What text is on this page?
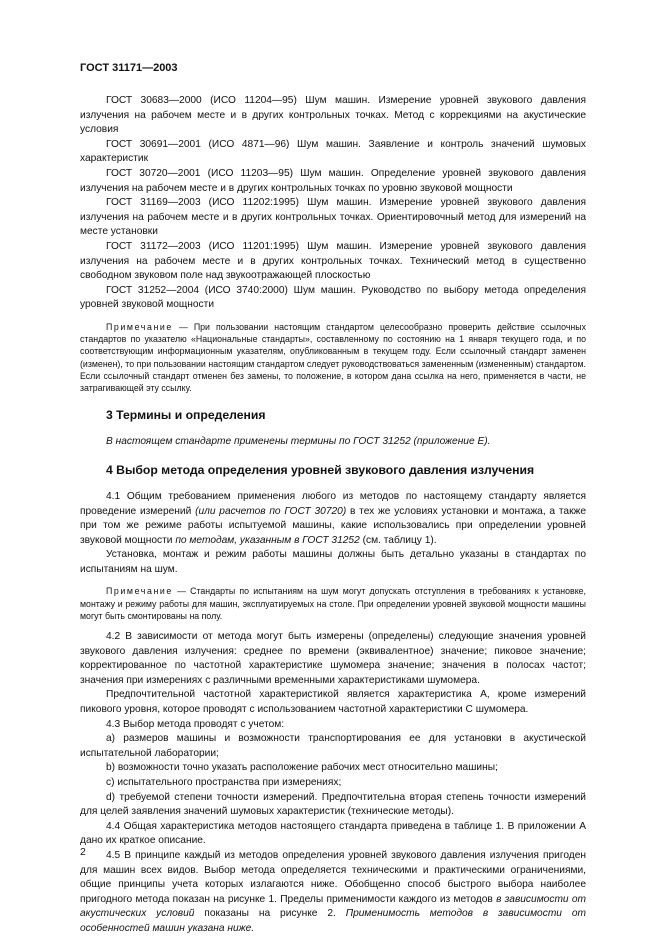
ГОСТ 31171—2003

ГОСТ 30683—2000 (ИСО 11204—95) Шум машин. Измерение уровней звукового давления излучения на рабочем месте и в других контрольных точках. Метод с коррекциями на акустические условия

ГОСТ 30691—2001 (ИСО 4871—96) Шум машин. Заявление и контроль значений шумовых характеристик

ГОСТ 30720—2001 (ИСО 11203—95) Шум машин. Определение уровней звукового давления излучения на рабочем месте и в других контрольных точках по уровню звуковой мощности

ГОСТ 31169—2003 (ИСО 11202:1995) Шум машин. Измерение уровней звукового давления излучения на рабочем месте и в других контрольных точках. Ориентировочный метод для измерений на месте установки

ГОСТ 31172—2003 (ИСО 11201:1995) Шум машин. Измерение уровней звукового давления излучения на рабочем месте и в других контрольных точках. Технический метод в существенно свободном звуковом поле над звукоотражающей плоскостью

ГОСТ 31252—2004 (ИСО 3740:2000) Шум машин. Руководство по выбору метода определения уровней звуковой мощности

Примечание — При пользовании настоящим стандартом целесообразно проверить действие ссылочных стандартов по указателю «Национальные стандарты», составленному по состоянию на 1 января текущего года, и по соответствующим информационным указателям, опубликованным в текущем году. Если ссылочный стандарт заменен (изменен), то при пользовании настоящим стандартом следует руководствоваться замененным (измененным) стандартом. Если ссылочный стандарт отменен без замены, то положение, в котором дана ссылка на него, применяется в части, не затрагивающей эту ссылку.

3 Термины и определения

В настоящем стандарте применены термины по ГОСТ 31252 (приложение Е).

4 Выбор метода определения уровней звукового давления излучения

4.1 Общим требованием применения любого из методов по настоящему стандарту является проведение измерений (или расчетов по ГОСТ 30720) в тех же условиях установки и монтажа, а также при том же режиме работы испытуемой машины, какие использовались при определении уровней звуковой мощности по методам, указанным в ГОСТ 31252 (см. таблицу 1).

Установка, монтаж и режим работы машины должны быть детально указаны в стандартах по испытаниям на шум.

Примечание — Стандарты по испытаниям на шум могут допускать отступления в требованиях к установке, монтажу и режиму работы для машин, эксплуатируемых на столе. При определении уровней звуковой мощности машины могут быть смонтированы на полу.

4.2 В зависимости от метода могут быть измерены (определены) следующие значения уровней звукового давления излучения: среднее по времени (эквивалентное) значение; пиковое значение; корректированное по частотной характеристике шумомера значение; значения в полосах частот; значения при измерениях с различными временными характеристиками шумомера.

Предпочтительной частотной характеристикой является характеристика А, кроме измерений пикового уровня, которое проводят с использованием частотной характеристики С шумомера.

4.3 Выбор метода проводят с учетом:

a) размеров машины и возможности транспортирования ее для установки в акустической испытательной лаборатории;

b) возможности точно указать расположение рабочих мест относительно машины;

c) испытательного пространства при измерениях;

d) требуемой степени точности измерений. Предпочтительна вторая степень точности измерений для целей заявления значений шумовых характеристик (технические методы).

4.4 Общая характеристика методов настоящего стандарта приведена в таблице 1. В приложении А дано их краткое описание.

4.5 В принципе каждый из методов определения уровней звукового давления излучения пригоден для машин всех видов. Выбор метода определяется техническими и практическими ограничениями, общие принципы учета которых излагаются ниже. Обобщенно способ быстрого выбора наиболее пригодного метода показан на рисунке 1. Пределы применимости каждого из методов в зависимости от акустических условий показаны на рисунке 2. Применимость методов в зависимости от особенностей машин указана ниже.

2
